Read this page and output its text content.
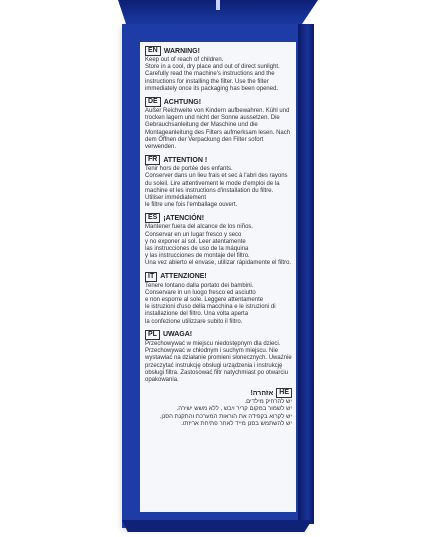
EN WARNING!
Keep out of reach of children.
Store in a cool, dry place and out of direct sunlight. Carefully read the machine's instructions and the instructions for installing the filter. Use the filter immediately once its packaging has been opened.
DE ACHTUNG!
Außer Reichweite von Kindern aufbewahren. Kühl und trocken lagern und nicht der Sonne aussetzen. Die Gebrauchsanleitung der Maschine und die Montageanleitung des Filters aufmerksam lesen. Nach dem Öffnen der Verpackung den Filter sofort verwenden.
FR ATTENTION !
Tenir hors de portée des enfants.
Conserver dans un lieu frais et sec à l'abri des rayons du soleil. Lire attentivement le mode d'emploi de la machine et les instructions d'installation du filtre. Utiliser immédiatement
le filtre une fois l'emballage ouvert.
ES ¡ATENCIÓN!
Mantener fuera del alcance de los niños.
Conservar en un lugar fresco y seco
y no exponer al sol. Leer atentamente
las instrucciones de uso de la máquina
y las instrucciones de montaje del filtro.
Una vez abierto el envase, utilizar rápidamente el filtro.
IT ATTENZIONE!
Tenere lontano dalla portato dei bambini.
Conservare in un luogo fresco ed asciutto
e non esporre al sole. Leggere attentamente
le istruzioni d'uso della macchina e le istruzioni di installazione del filtro. Una volta aperta
la confezione utilizzare subito il filtro.
PL UWAGA!
Przechowywać w miejscu niedostępnym dla dzieci. Przechowywać w chłodnym i suchym miejscu. Nie wystawiać na działanie promieni słonecznych. Uważnie przeczytać instrukcję obsługi urządzenia i instrukcję obsługi filtra. Zastosować filtr natychmiast po otwarciu opakowania.
HE
אזהרה!
יש להרחיק מילדים.
יש לשמור במקום קריר ויבש , ללא משש ישירה.
יש לקרוא בקפידה את הוראות המערכת והתקנת הסנן.
יש להשתמש בסנן מייד לאחר פתיחת אריזתו.
